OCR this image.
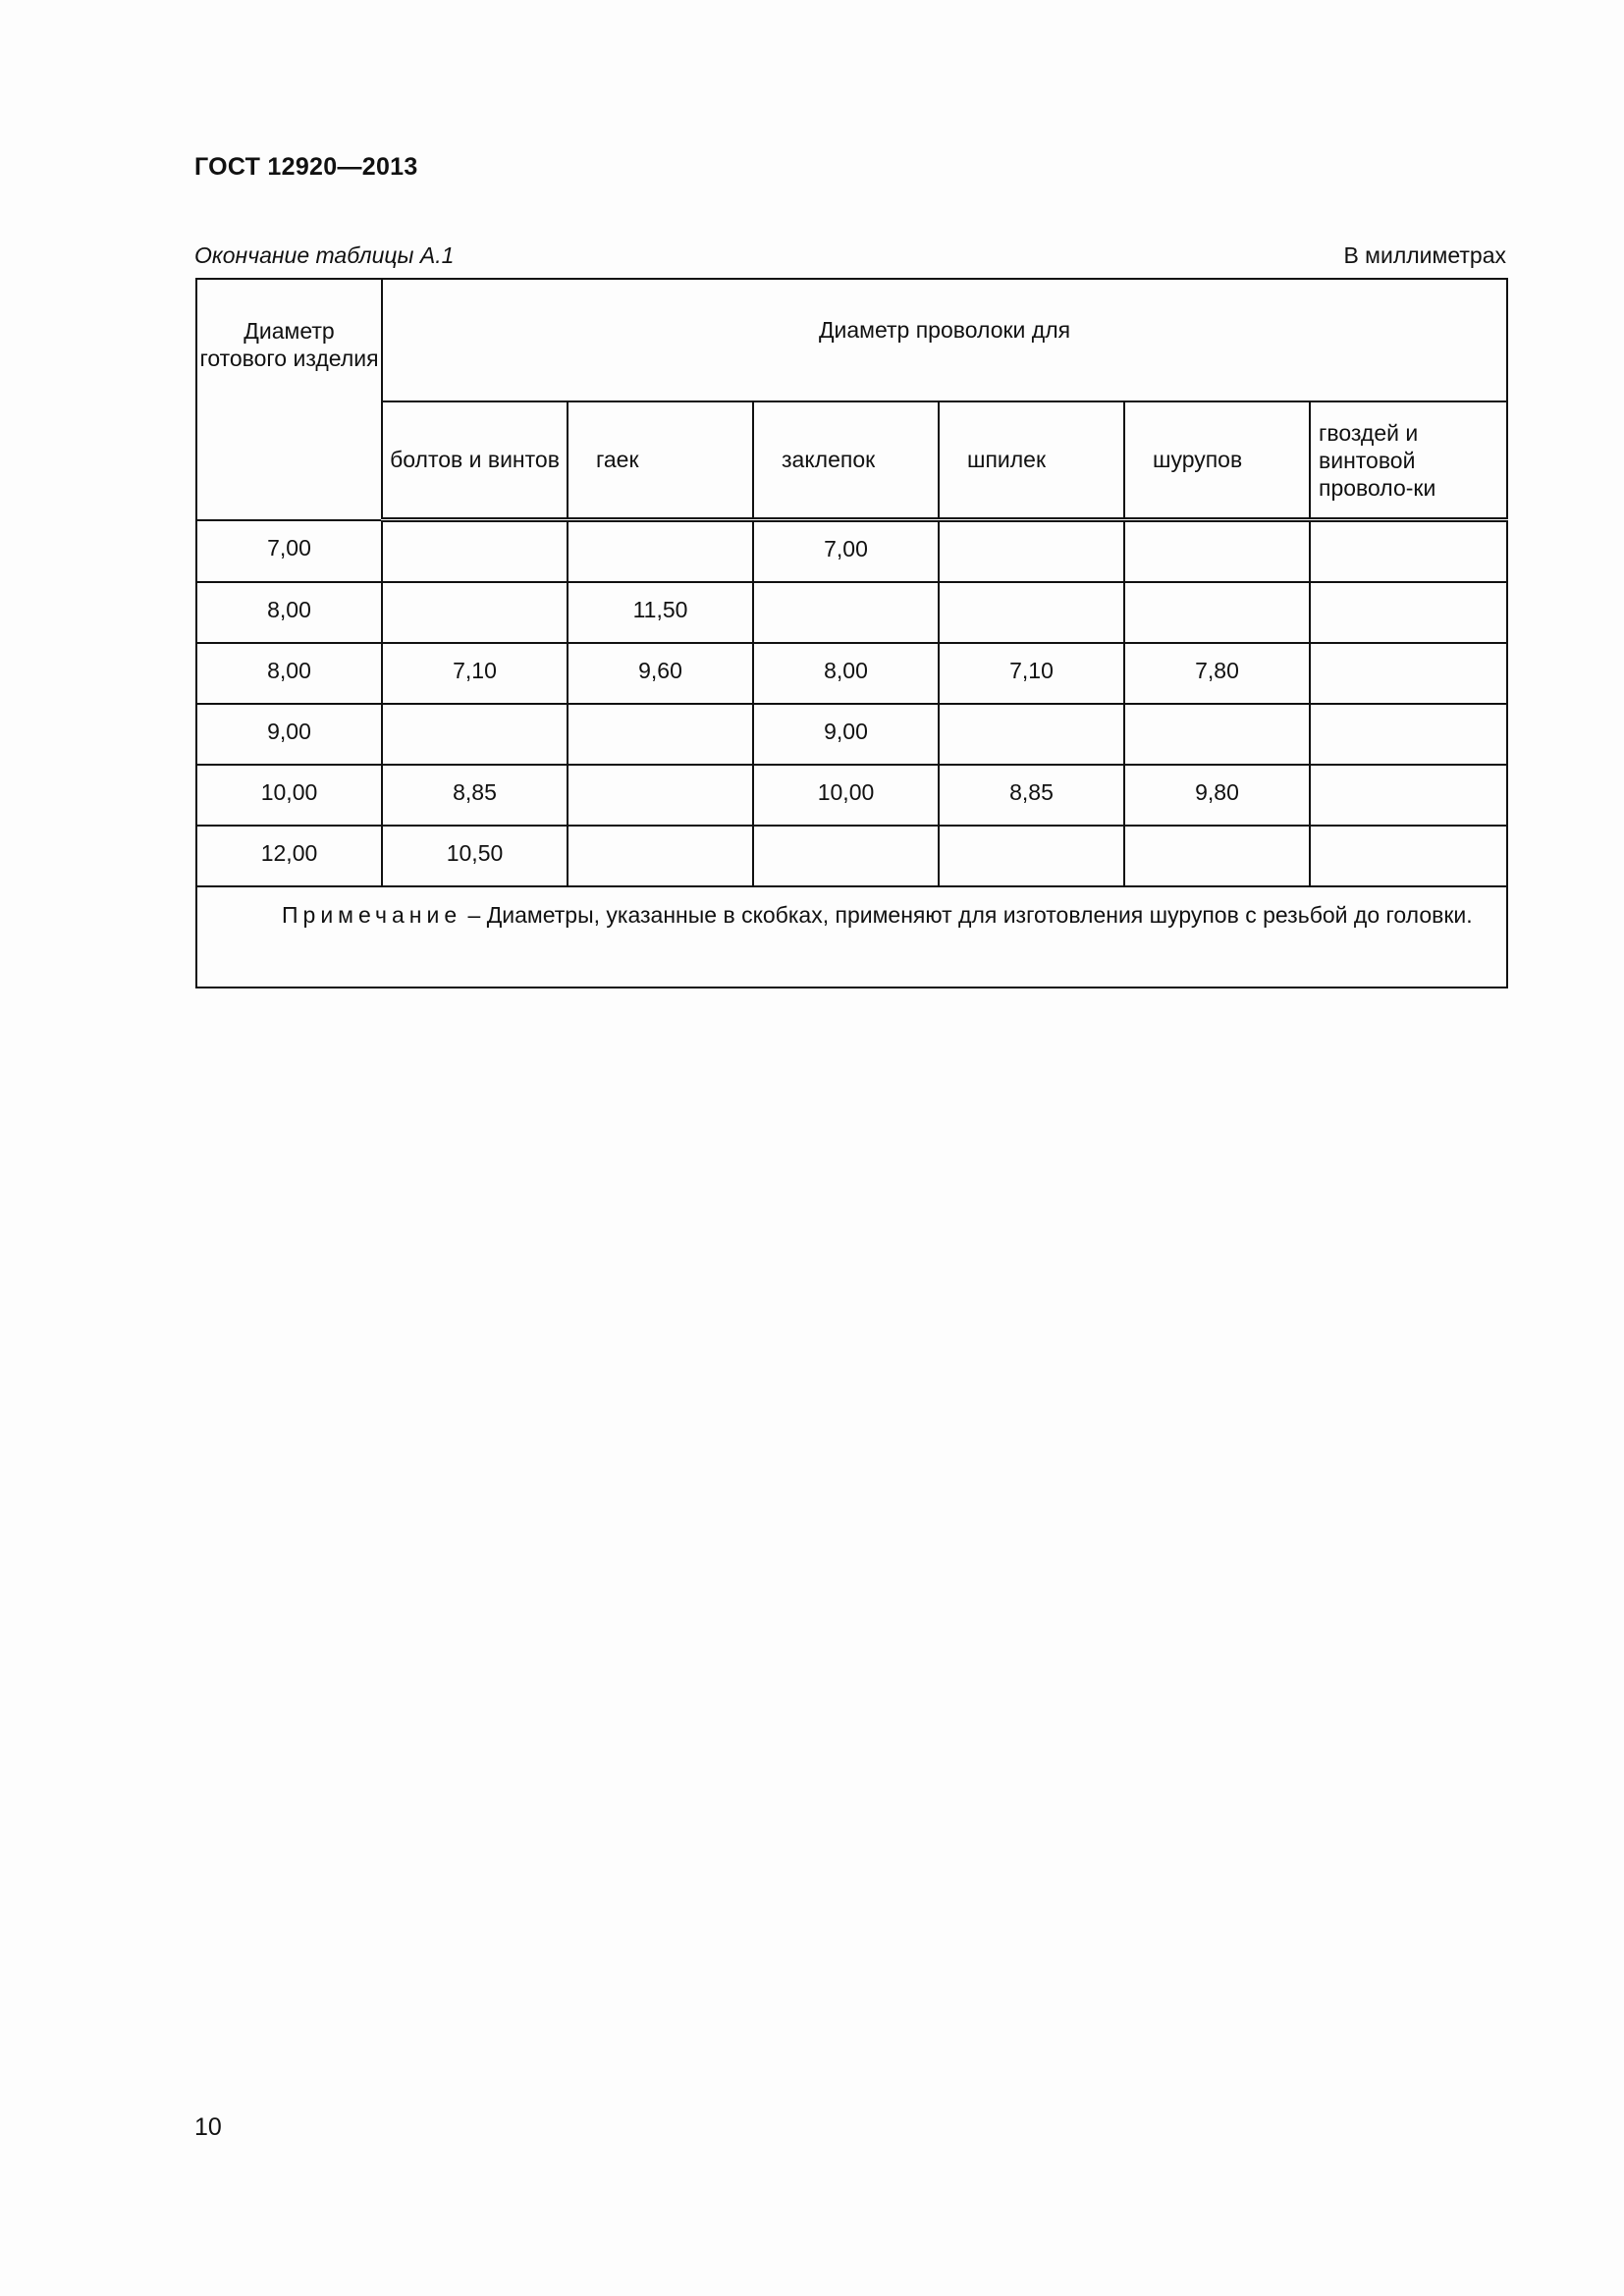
ГОСТ 12920—2013
Окончание таблицы А.1	В миллиметрах
Диаметр готового изделия	Диаметр проволоки для					

	болтов и винтов	гаек	заклепок	шпилек	шурупов	гвоздей и винтовой проволо-ки

7,00			7,00			

8,00		11,50				

8,00	7,10	9,60	8,00	7,10	7,80	

9,00			9,00			

10,00	8,85		10,00	8,85	9,80	

12,00	10,50					

Примечание – Диаметры, указанные в скобках, применяют для изготовления шурупов с резьбой до головки.						
10
